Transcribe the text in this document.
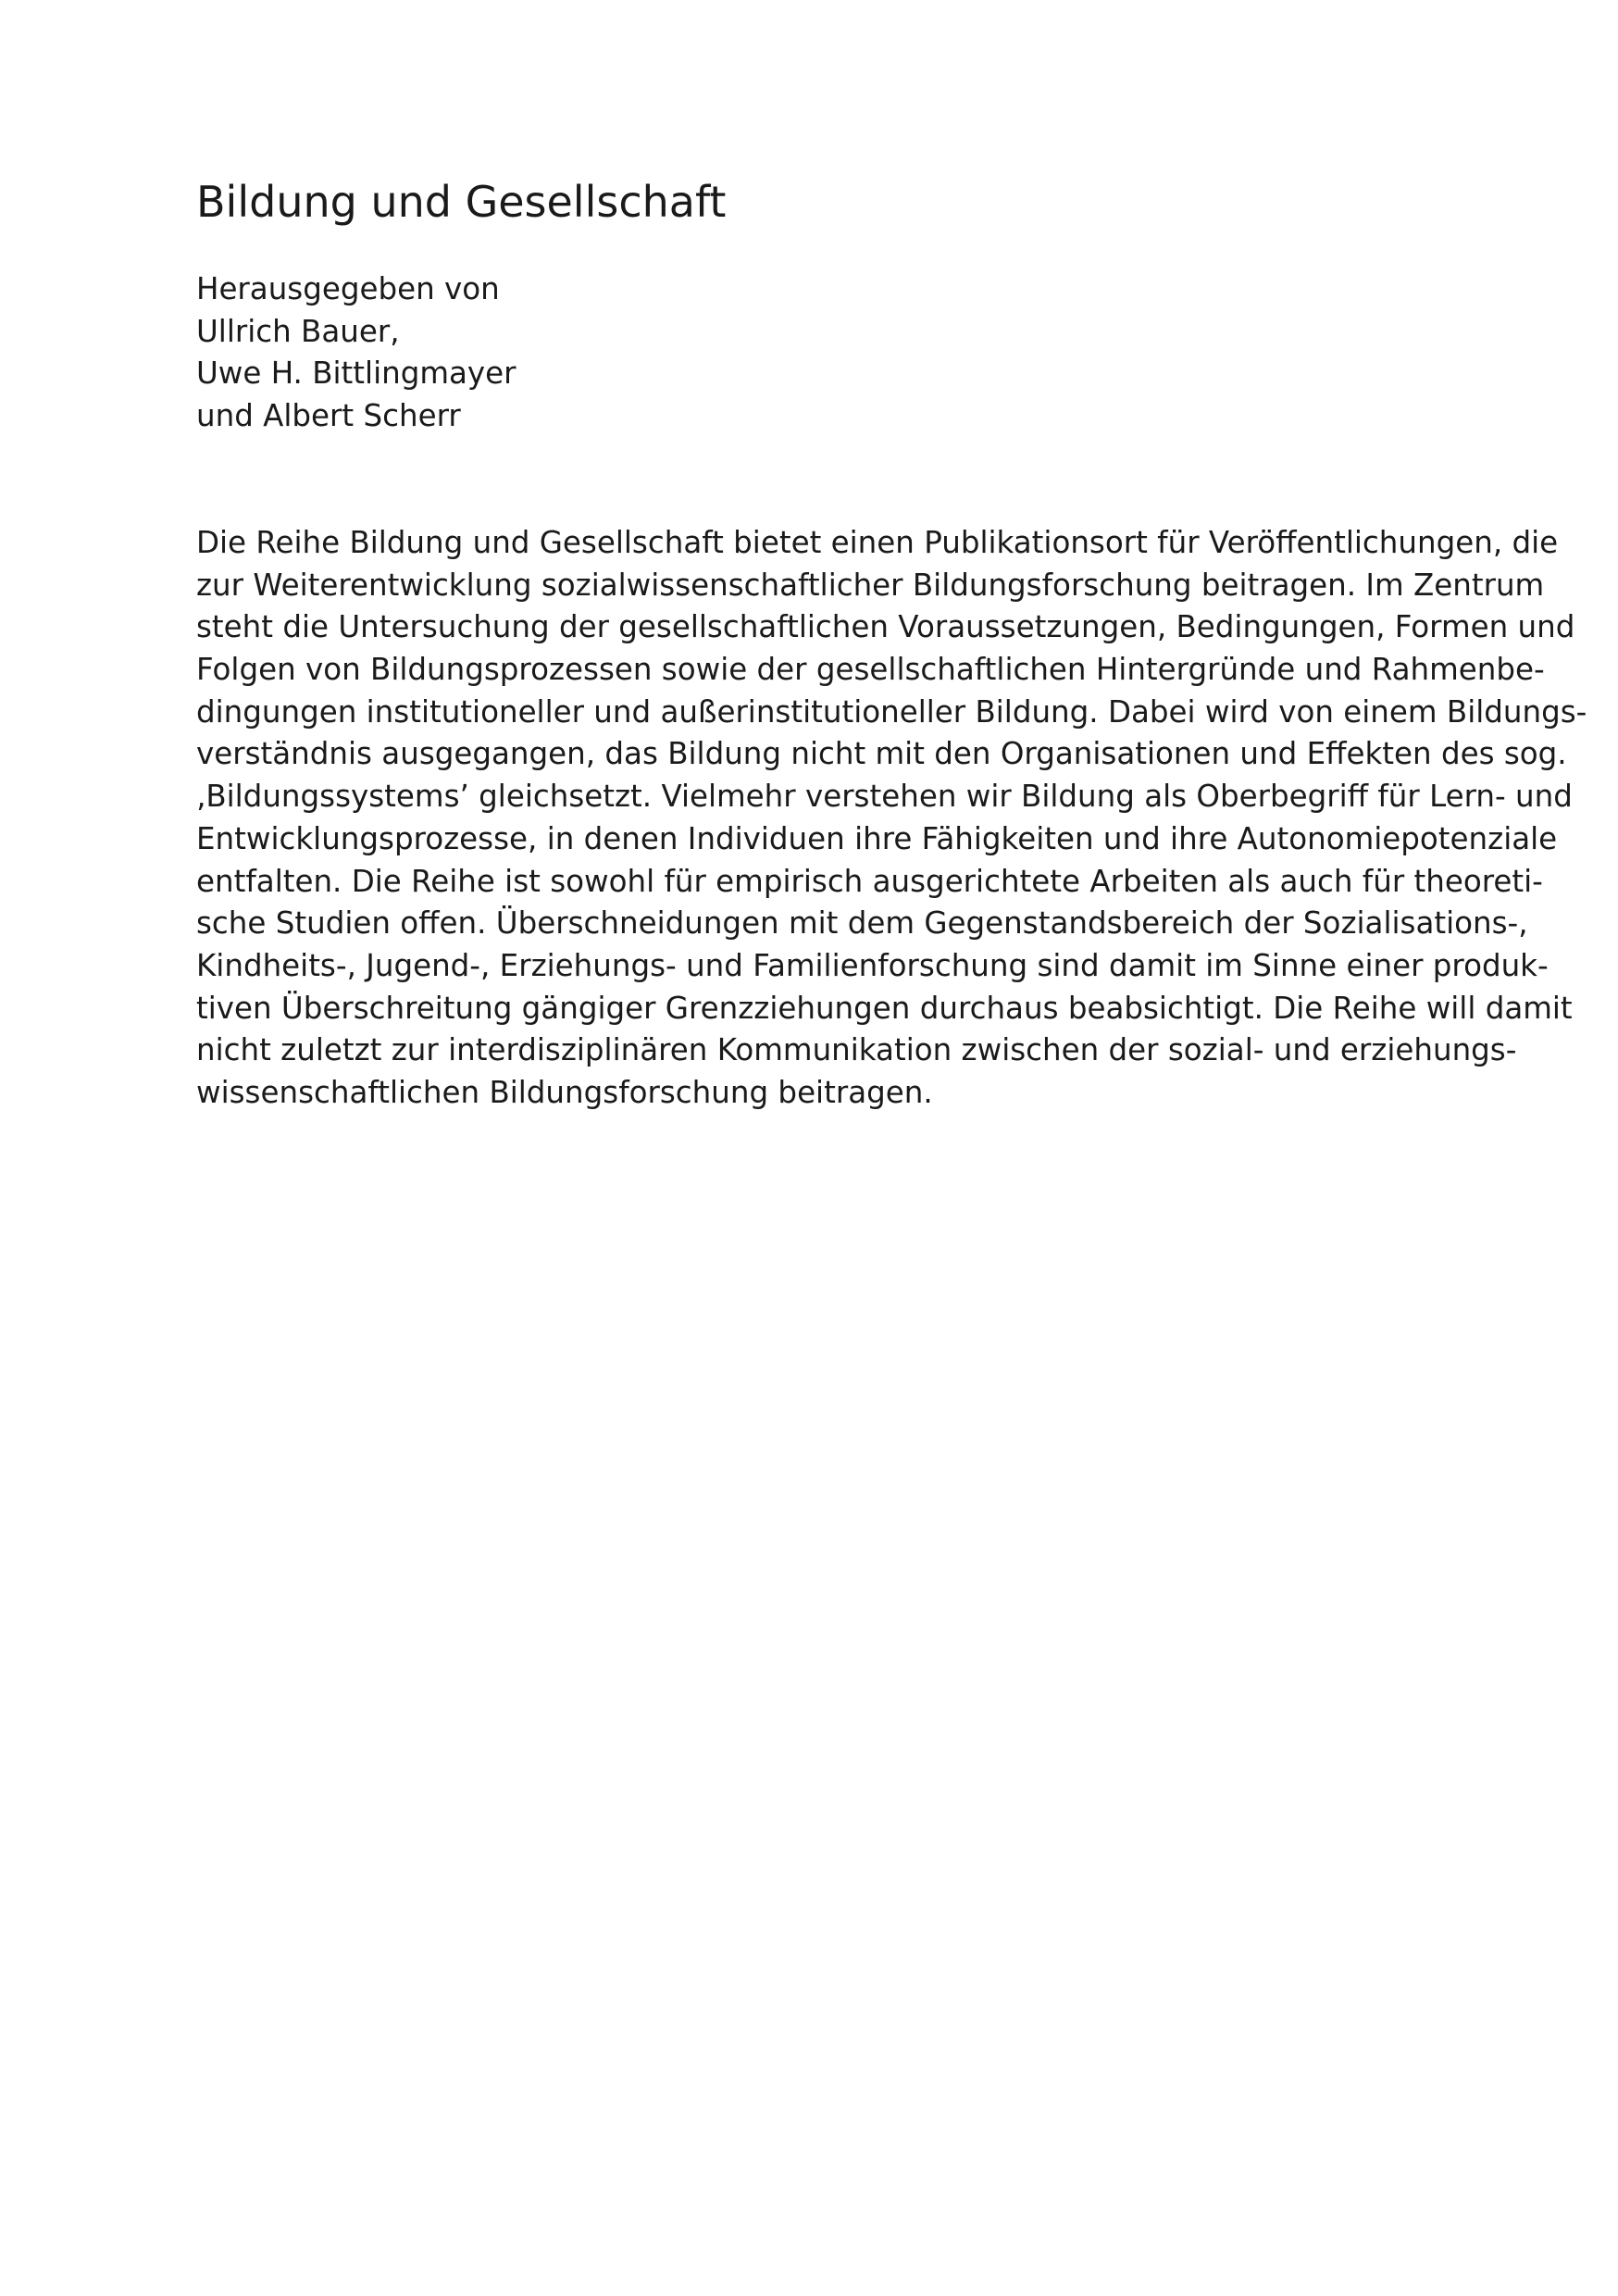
Bildung und Gesellschaft
Herausgegeben von
Ullrich Bauer,
Uwe H. Bittlingmayer
und Albert Scherr
Die Reihe Bildung und Gesellschaft bietet einen Publikationsort für Veröffentlichungen, die
zur Weiterentwicklung sozialwissenschaftlicher Bildungsforschung beitragen. Im Zentrum
steht die Untersuchung der gesellschaftlichen Voraussetzungen, Bedingungen, Formen und
Folgen von Bildungsprozessen sowie der gesellschaftlichen Hintergründe und Rahmenbe-
dingungen institutioneller und außerinstitutioneller Bildung. Dabei wird von einem Bildungs-
verständnis ausgegangen, das Bildung nicht mit den Organisationen und Effekten des sog.
‚Bildungssystems’ gleichsetzt. Vielmehr verstehen wir Bildung als Oberbegriff für Lern- und
Entwicklungsprozesse, in denen Individuen ihre Fähigkeiten und ihre Autonomiepotenziale
entfalten. Die Reihe ist sowohl für empirisch ausgerichtete Arbeiten als auch für theoreti-
sche Studien offen. Überschneidungen mit dem Gegenstandsbereich der Sozialisations-,
Kindheits-, Jugend-, Erziehungs- und Familienforschung sind damit im Sinne einer produk-
tiven Überschreitung gängiger Grenzziehungen durchaus beabsichtigt. Die Reihe will damit
nicht zuletzt zur interdisziplinären Kommunikation zwischen der sozial- und erziehungs-
wissenschaftlichen Bildungsforschung beitragen.
